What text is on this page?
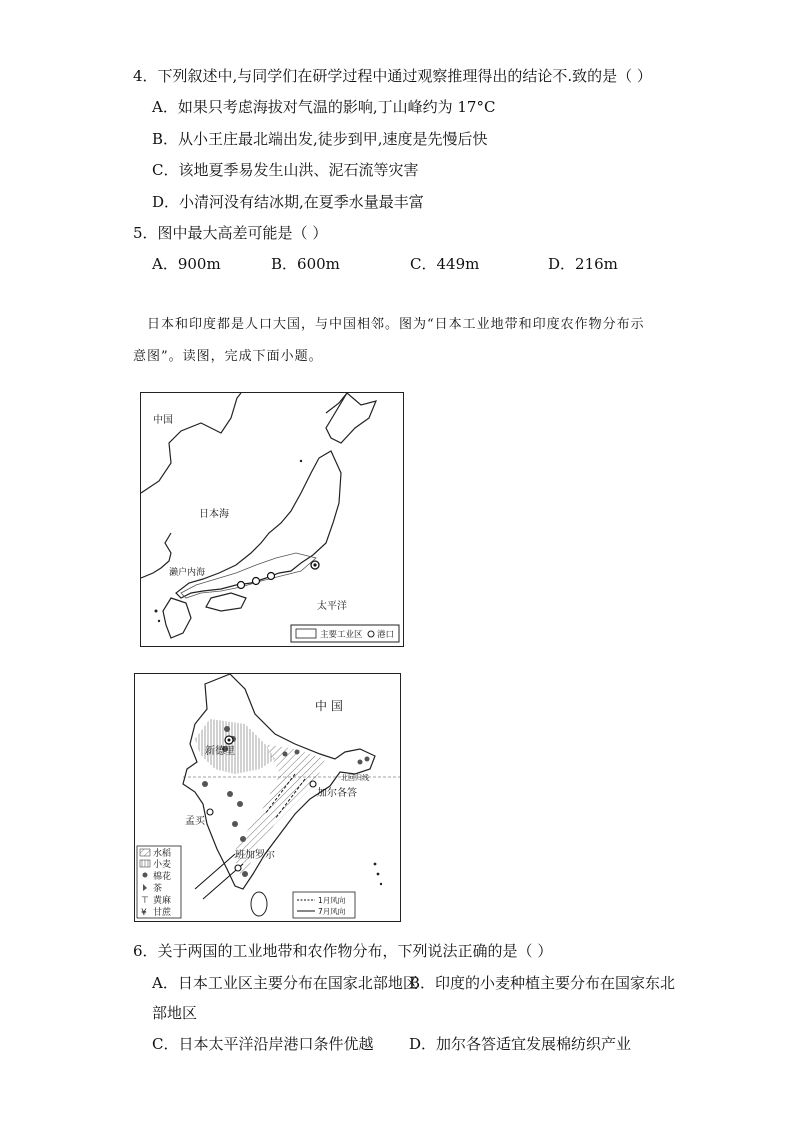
4．下列叙述中,与同学们在研学过程中通过观察推理得出的结论不.致的是（ ）
A．如果只考虑海拔对气温的影响,丁山峰约为 17°C
B．从小王庄最北端出发,徒步到甲,速度是先慢后快
C．该地夏季易发生山洪、泥石流等灾害
D．小清河没有结冰期,在夏季水量最丰富
5．图中最大高差可能是（ ）
A．900m	B．600m	C．449m	D．216m
日本和印度都是人口大国，与中国相邻。图为“日本工业地带和印度农作物分布示
意图”。读图，完成下面小题。
中国
日本海
濑户内海
太平洋
主要工业区 港口
北回归线
新德里
孟买
加尔各答
班加罗尔
中 国
水稻
小麦
棉花
茶
⊤ 黄麻
¥ 甘蔗
1月风向
7月风向
6．关于两国的工业地带和农作物分布，下列说法正确的是（ ）
A．日本工业区主要分布在国家北部地区
B．印度的小麦种植主要分布在国家东北
部地区
C．日本太平洋沿岸港口条件优越 D．加尔各答适宜发展棉纺织产业
